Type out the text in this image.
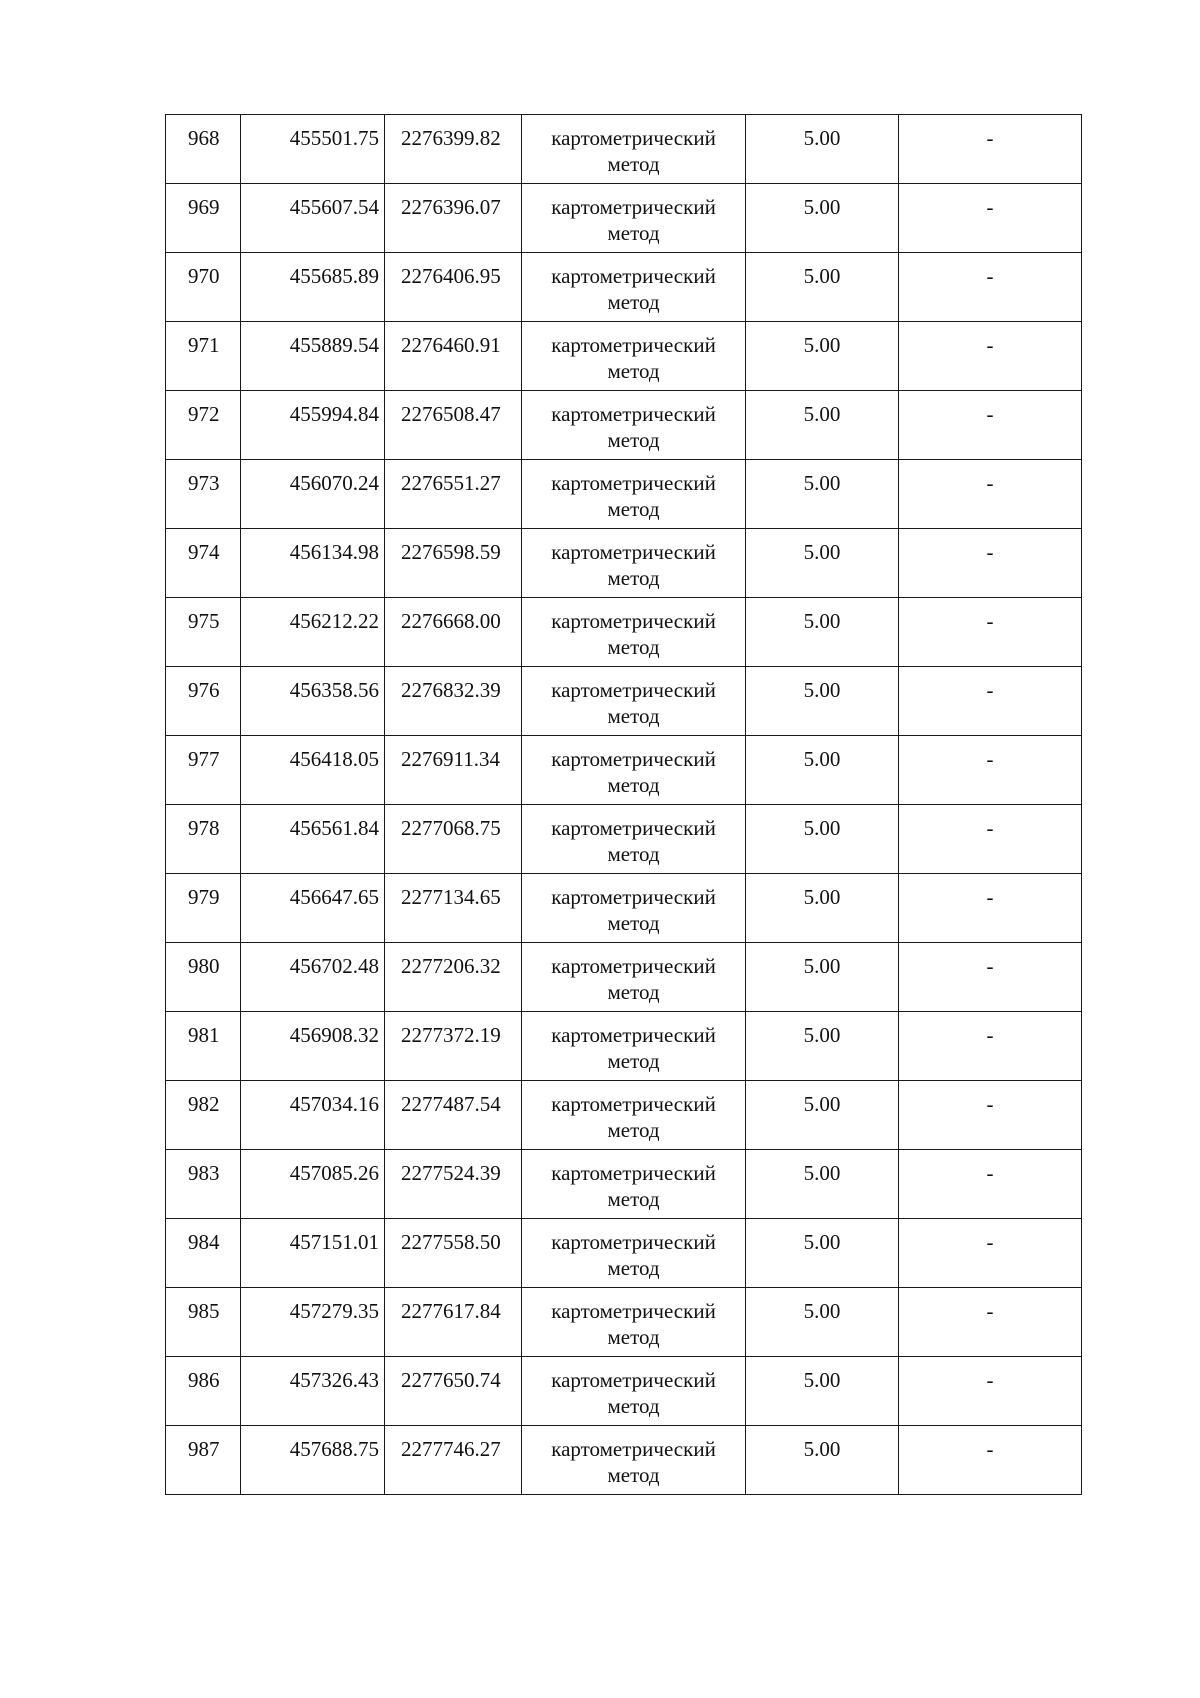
968	455501.75	2276399.82	картометрический метод	5.00	-

969	455607.54	2276396.07	картометрический метод	5.00	-

970	455685.89	2276406.95	картометрический метод	5.00	-

971	455889.54	2276460.91	картометрический метод	5.00	-

972	455994.84	2276508.47	картометрический метод	5.00	-

973	456070.24	2276551.27	картометрический метод	5.00	-

974	456134.98	2276598.59	картометрический метод	5.00	-

975	456212.22	2276668.00	картометрический метод	5.00	-

976	456358.56	2276832.39	картометрический метод	5.00	-

977	456418.05	2276911.34	картометрический метод	5.00	-

978	456561.84	2277068.75	картометрический метод	5.00	-

979	456647.65	2277134.65	картометрический метод	5.00	-

980	456702.48	2277206.32	картометрический метод	5.00	-

981	456908.32	2277372.19	картометрический метод	5.00	-

982	457034.16	2277487.54	картометрический метод	5.00	-

983	457085.26	2277524.39	картометрический метод	5.00	-

984	457151.01	2277558.50	картометрический метод	5.00	-

985	457279.35	2277617.84	картометрический метод	5.00	-

986	457326.43	2277650.74	картометрический метод	5.00	-

987	457688.75	2277746.27	картометрический метод	5.00	-
